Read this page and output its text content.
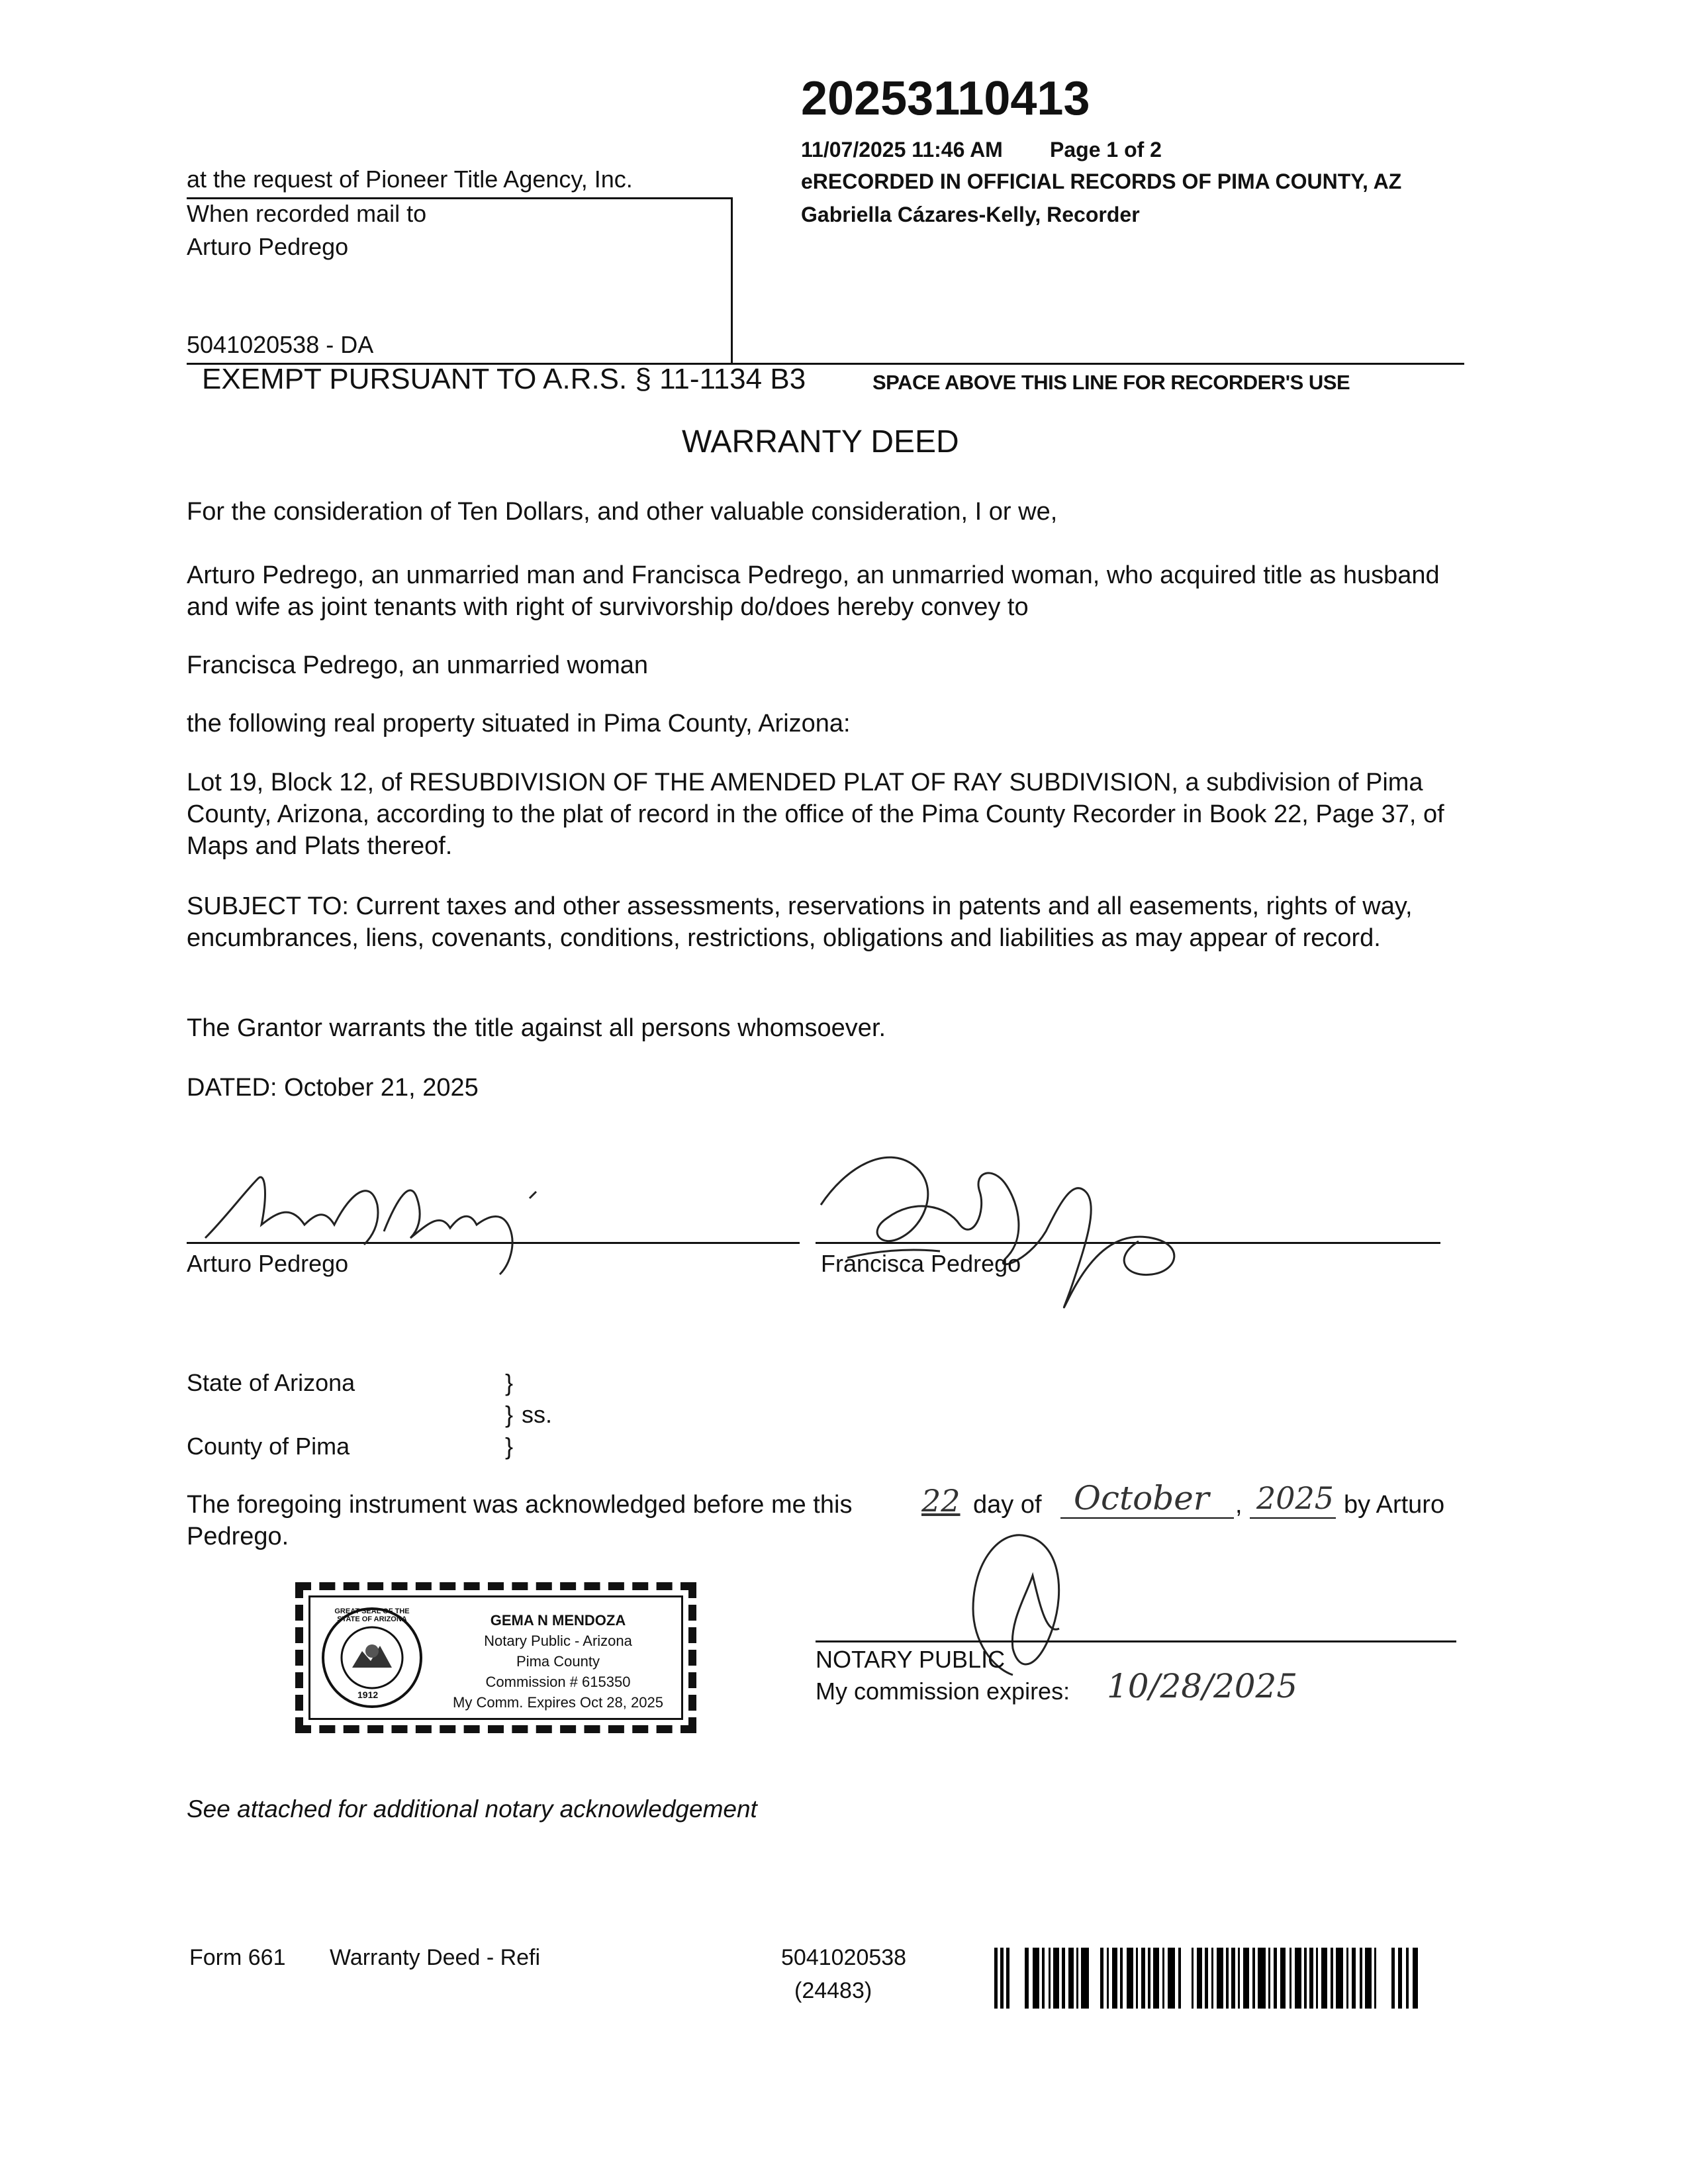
20253110413
11/07/2025 11:46 AM Page 1 of 2
eRECORDED IN OFFICIAL RECORDS OF PIMA COUNTY, AZ
Gabriella Cázares-Kelly, Recorder
at the request of Pioneer Title Agency, Inc.
When recorded mail to
Arturo Pedrego
5041020538 - DA
EXEMPT PURSUANT TO A.R.S. § 11-1134 B3	SPACE ABOVE THIS LINE FOR RECORDER'S USE
WARRANTY DEED
For the consideration of Ten Dollars, and other valuable consideration, I or we,
Arturo Pedrego, an unmarried man and Francisca Pedrego, an unmarried woman, who acquired title as husband and wife as joint tenants with right of survivorship do/does hereby convey to
Francisca Pedrego, an unmarried woman
the following real property situated in Pima County, Arizona:
Lot 19, Block 12, of RESUBDIVISION OF THE AMENDED PLAT OF RAY SUBDIVISION, a subdivision of Pima County, Arizona, according to the plat of record in the office of the Pima County Recorder in Book 22, Page 37, of Maps and Plats thereof.
SUBJECT TO: Current taxes and other assessments, reservations in patents and all easements, rights of way, encumbrances, liens, covenants, conditions, restrictions, obligations and liabilities as may appear of record.
The Grantor warrants the title against all persons whomsoever.
DATED: October 21, 2025
Arturo Pedrego	Francisca Pedrego
State of Arizona	}
} ss.
County of Pima	}
The foregoing instrument was acknowledged before me this 22 day of October , 2025 by Arturo
Pedrego.
GREAT SEAL OF THE STATE OF ARIZONA
1912
GEMA N MENDOZA
Notary Public - Arizona
Pima County
Commission # 615350
My Comm. Expires Oct 28, 2025
NOTARY PUBLIC
My commission expires: 10/28/2025
See attached for additional notary acknowledgement
Form 661 Warranty Deed - Refi	5041020538
(24483)
